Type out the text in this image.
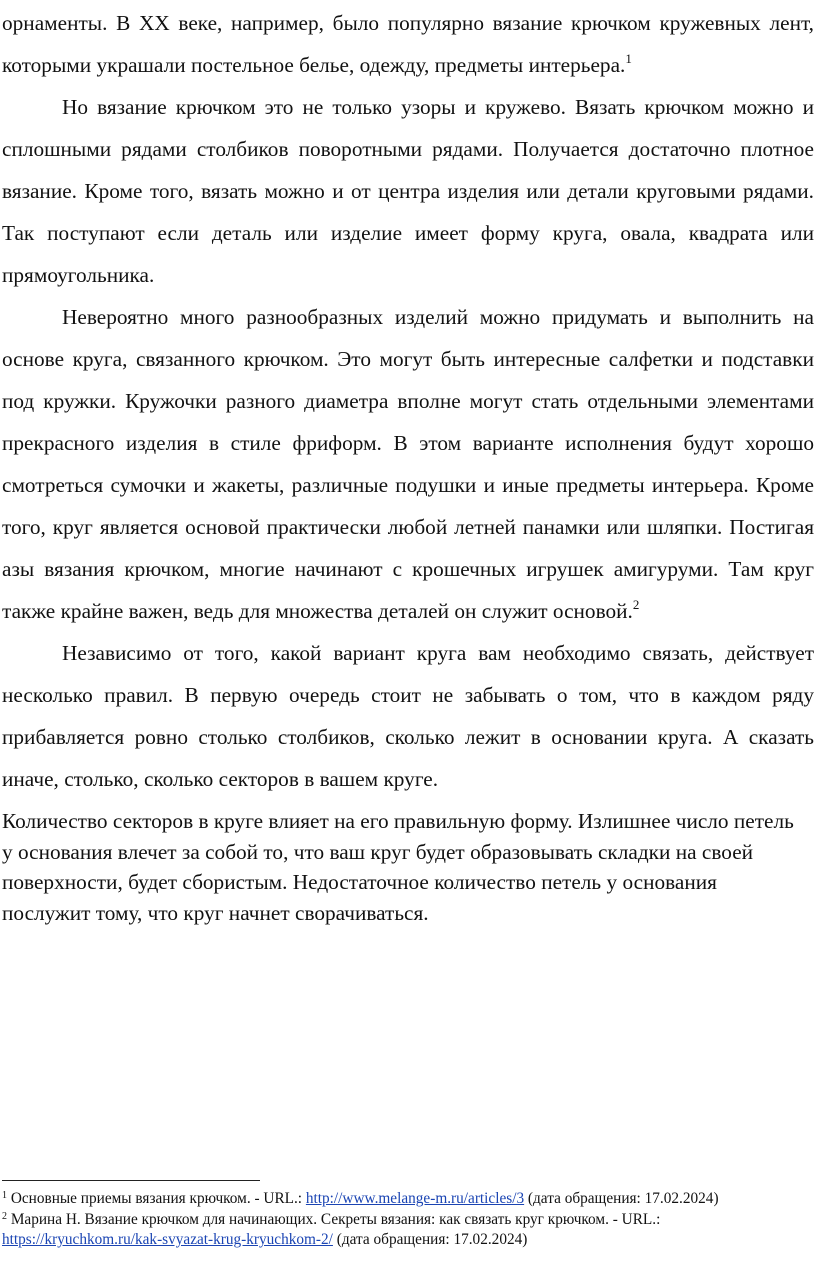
орнаменты. В XX веке, например, было популярно вязание крючком кружевных лент, которыми украшали постельное белье, одежду, предметы интерьера.$^1$

Но вязание крючком это не только узоры и кружево. Вязать крючком можно и сплошными рядами столбиков поворотными рядами. Получается достаточно плотное вязание. Кроме того, вязать можно и от центра изделия или детали круговыми рядами. Так поступают если деталь или изделие имеет форму круга, овала, квадрата или прямоугольника.

Невероятно много разнообразных изделий можно придумать и выполнить на основе круга, связанного крючком. Это могут быть интересные салфетки и подставки под кружки. Кружочки разного диаметра вполне могут стать отдельными элементами прекрасного изделия в стиле фриформ. В этом варианте исполнения будут хорошо смотреться сумочки и жакеты, различные подушки и иные предметы интерьера. Кроме того, круг является основой практически любой летней панамки или шляпки. Постигая азы вязания крючком, многие начинают с крошечных игрушек амигуруми. Там круг также крайне важен, ведь для множества деталей он служит основой.$^2$

Независимо от того, какой вариант круга вам необходимо связать, действует несколько правил. В первую очередь стоит не забывать о том, что в каждом ряду прибавляется ровно столько столбиков, сколько лежит в основании круга. А сказать иначе, столько, сколько секторов в вашем круге.

Количество секторов в круге влияет на его правильную форму. Излишнее число петель у основания влечет за собой то, что ваш круг будет образовывать складки на своей поверхности, будет сбористым. Недостаточное количество петель у основания послужит тому, что круг начнет сворачиваться.

$^1$ Основные приемы вязания крючком. - URL.: http://www.melange-m.ru/articles/3 (дата обращения: 17.02.2024)

$^2$ Марина Н. Вязание крючком для начинающих. Секреты вязания: как связать круг крючком. - URL.: https://kryuchkom.ru/kak-svyazat-krug-kryuchkom-2/ (дата обращения: 17.02.2024)
